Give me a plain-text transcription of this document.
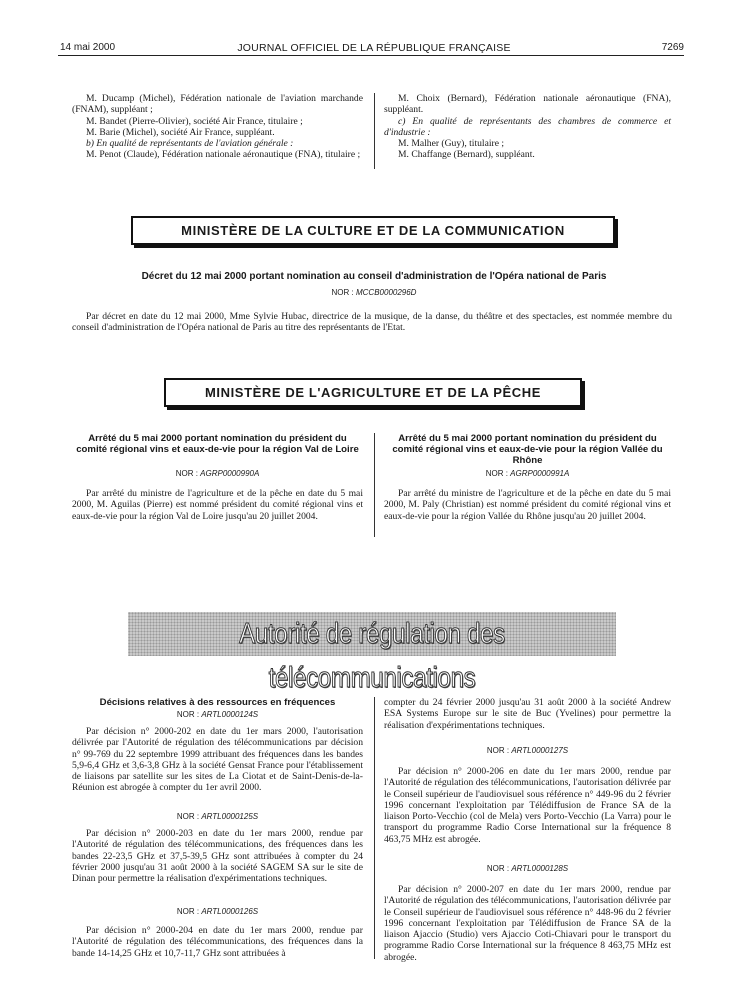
14 mai 2000	JOURNAL OFFICIEL DE LA RÉPUBLIQUE FRANÇAISE	7269

M. Ducamp (Michel), Fédération nationale de l'aviation marchande (FNAM), suppléant ;

M. Bandet (Pierre-Olivier), société Air France, titulaire ;

M. Barie (Michel), société Air France, suppléant.

b) En qualité de représentants de l'aviation générale :

M. Penot (Claude), Fédération nationale aéronautique (FNA), titulaire ;

M. Choix (Bernard), Fédération nationale aéronautique (FNA), suppléant.

c) En qualité de représentants des chambres de commerce et d'industrie :

M. Malher (Guy), titulaire ;

M. Chaffange (Bernard), suppléant.

MINISTÈRE DE LA CULTURE ET DE LA COMMUNICATION
Décret du 12 mai 2000 portant nomination au conseil d'administration de l'Opéra national de Paris
NOR : MCCB0000296D

Par décret en date du 12 mai 2000, Mme Sylvie Hubac, directrice de la musique, de la danse, du théâtre et des spectacles, est nommée membre du conseil d'administration de l'Opéra national de Paris au titre des représentants de l'Etat.

MINISTÈRE DE L'AGRICULTURE ET DE LA PÊCHE
Arrêté du 5 mai 2000 portant nomination du président du comité régional vins et eaux-de-vie pour la région Val de Loire
NOR : AGRP0000990A

Par arrêté du ministre de l'agriculture et de la pêche en date du 5 mai 2000, M. Aguilas (Pierre) est nommé président du comité régional vins et eaux-de-vie pour la région Val de Loire jusqu'au 20 juillet 2004.

Arrêté du 5 mai 2000 portant nomination du président du comité régional vins et eaux-de-vie pour la région Vallée du Rhône
NOR : AGRP0000991A

Par arrêté du ministre de l'agriculture et de la pêche en date du 5 mai 2000, M. Paly (Christian) est nommé président du comité régional vins et eaux-de-vie pour la région Vallée du Rhône jusqu'au 20 juillet 2004.

Autorité de régulation des télécommunications
Décisions relatives à des ressources en fréquences
NOR : ARTL0000124S

Par décision n° 2000-202 en date du 1er mars 2000, l'autorisation délivrée par l'Autorité de régulation des télécommunications par décision n° 99-769 du 22 septembre 1999 attribuant des fréquences dans les bandes 5,9-6,4 GHz et 3,6-3,8 GHz à la société Gensat France pour l'établissement de liaisons par satellite sur les sites de La Ciotat et de Saint-Denis-de-la-Réunion est abrogée à compter du 1er avril 2000.

NOR : ARTL0000125S

Par décision n° 2000-203 en date du 1er mars 2000, rendue par l'Autorité de régulation des télécommunications, des fréquences dans les bandes 22-23,5 GHz et 37,5-39,5 GHz sont attribuées à compter du 24 février 2000 jusqu'au 31 août 2000 à la société SAGEM SA sur le site de Dinan pour permettre la réalisation d'expérimentations techniques.

NOR : ARTL0000126S

Par décision n° 2000-204 en date du 1er mars 2000, rendue par l'Autorité de régulation des télécommunications, des fréquences dans la bande 14-14,25 GHz et 10,7-11,7 GHz sont attribuées à

compter du 24 février 2000 jusqu'au 31 août 2000 à la société Andrew ESA Systems Europe sur le site de Buc (Yvelines) pour permettre la réalisation d'expérimentations techniques.

NOR : ARTL0000127S

Par décision n° 2000-206 en date du 1er mars 2000, rendue par l'Autorité de régulation des télécommunications, l'autorisation délivrée par le Conseil supérieur de l'audiovisuel sous référence n° 449-96 du 2 février 1996 concernant l'exploitation par Télédiffusion de France SA de la liaison Porto-Vecchio (col de Mela) vers Porto-Vecchio (La Varra) pour le transport du programme Radio Corse International sur la fréquence 8 463,75 MHz est abrogée.

NOR : ARTL0000128S

Par décision n° 2000-207 en date du 1er mars 2000, rendue par l'Autorité de régulation des télécommunications, l'autorisation délivrée par le Conseil supérieur de l'audiovisuel sous référence n° 448-96 du 2 février 1996 concernant l'exploitation par Télédiffusion de France SA de la liaison Ajaccio (Studio) vers Ajaccio Coti-Chiavari pour le transport du programme Radio Corse International sur la fréquence 8 463,75 MHz est abrogée.
